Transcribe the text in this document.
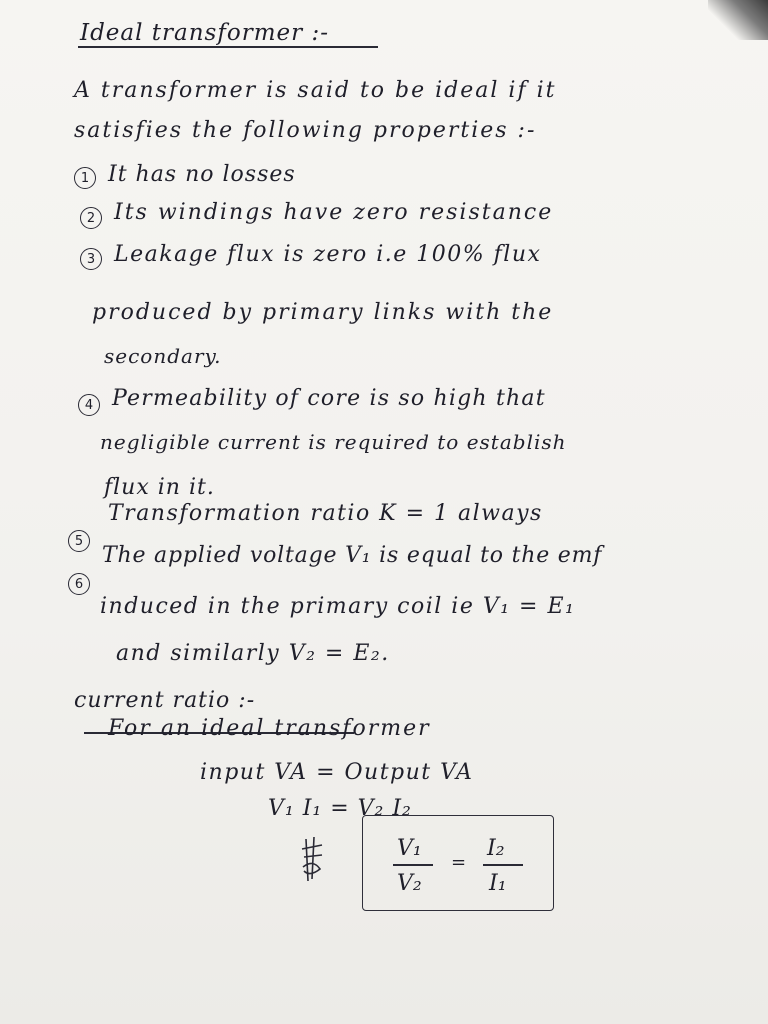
Ideal transformer :-
A transformer is said to be ideal if it
satisfies the following properties :-
1 It has no losses
2 Its windings have zero resistance
3 Leakage flux is zero i.e 100% flux
produced by primary links with the
secondary.
4 Permeability of core is so high that
negligible current is required to establish
flux in it.
5
Transformation ratio K = 1 always
6
The applied voltage V₁ is equal to the emf
induced in the primary coil ie V₁ = E₁
and similarly V₂ = E₂.
current ratio :-
For an ideal transformer
input VA = Output VA
V₁ I₁ = V₂ I₂
V₁
V₂
=
I₂
I₁
